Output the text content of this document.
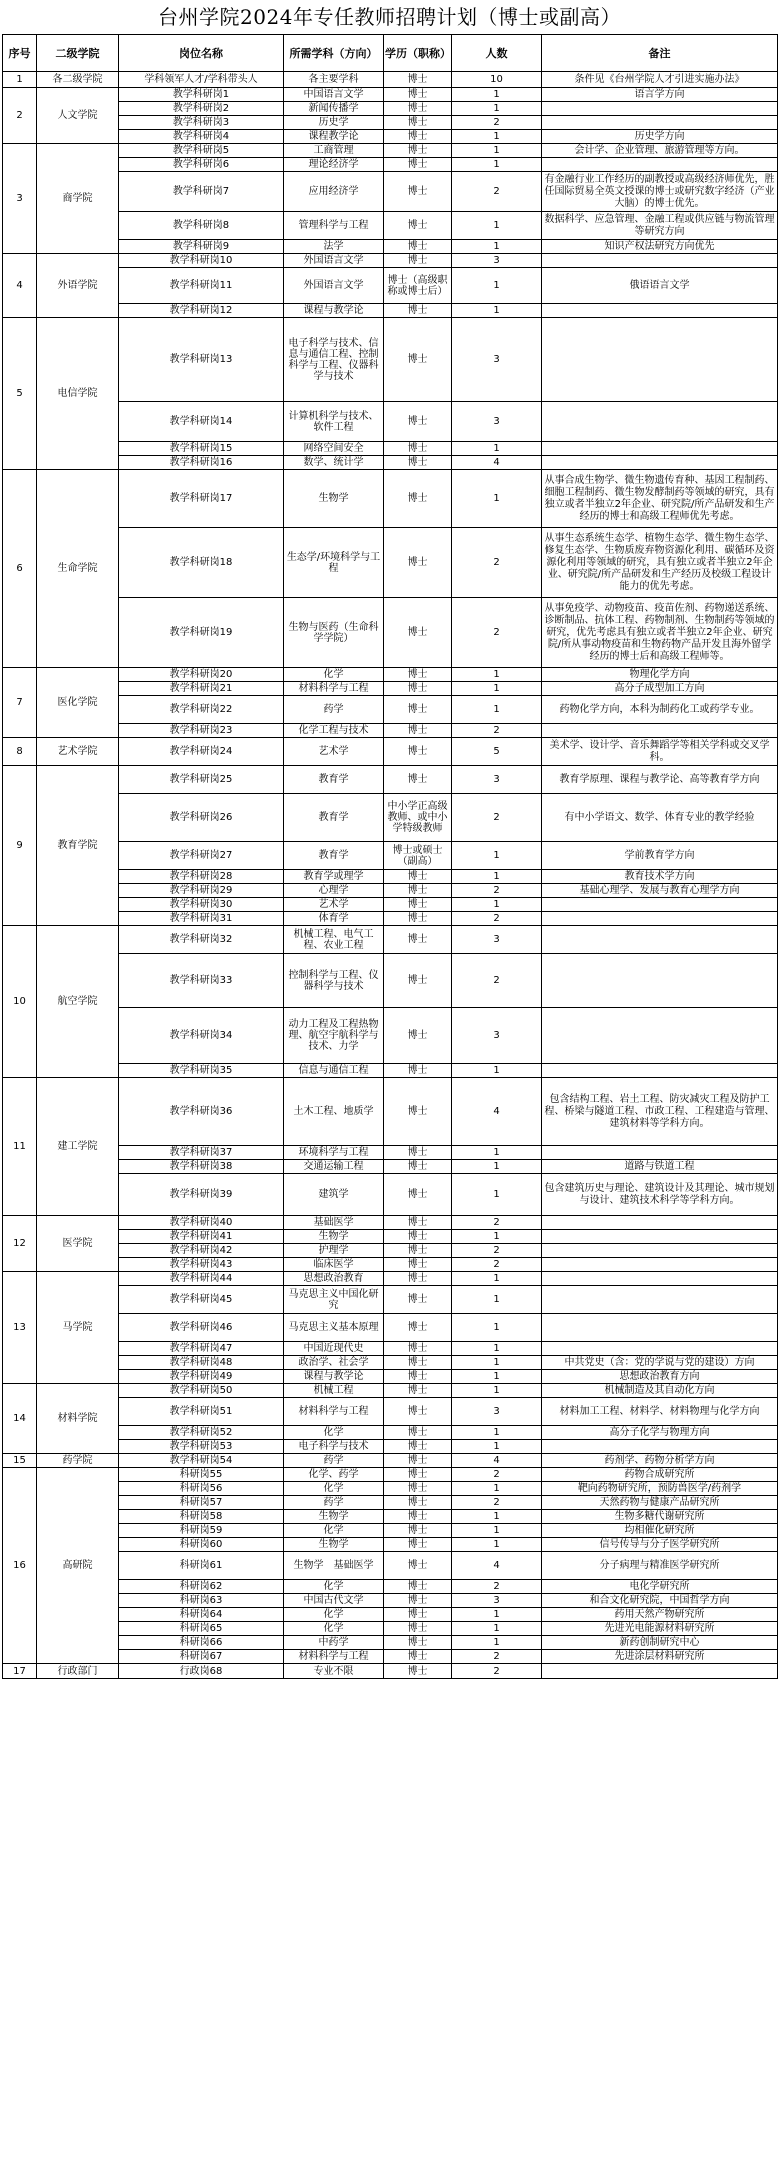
台州学院2024年专任教师招聘计划（博士或副高）
序号	二级学院	岗位名称	所需学科（方向）	学历（职称）	人数	备注
1	各二级学院	学科领军人才/学科带头人	各主要学科	博士	10	条件见《台州学院人才引进实施办法》
2	人文学院	教学科研岗1	中国语言文学	博士	1	语言学方向
		教学科研岗2	新闻传播学	博士	1	
		教学科研岗3	历史学	博士	2	
		教学科研岗4	课程教学论	博士	1	历史学方向
3	商学院	教学科研岗5	工商管理	博士	1	会计学、企业管理、旅游管理等方向。
		教学科研岗6	理论经济学	博士	1	
		教学科研岗7	应用经济学	博士	2	有金融行业工作经历的副教授或高级经济师优先，胜任国际贸易全英文授课的博士或研究数字经济（产业大脑）的博士优先。
		教学科研岗8	管理科学与工程	博士	1	数据科学、应急管理、金融工程或供应链与物流管理等研究方向
		教学科研岗9	法学	博士	1	知识产权法研究方向优先
4	外语学院	教学科研岗10	外国语言文学	博士	3	
		教学科研岗11	外国语言文学	博士（高级职称或博士后）	1	俄语语言文学
		教学科研岗12	课程与教学论	博士	1	
5	电信学院	教学科研岗13	电子科学与技术、信息与通信工程、控制科学与工程、仪器科学与技术	博士	3	
		教学科研岗14	计算机科学与技术、软件工程	博士	3	
		教学科研岗15	网络空间安全	博士	1	
		教学科研岗16	数学、统计学	博士	4	
6	生命学院	教学科研岗17	生物学	博士	1	从事合成生物学、微生物遗传育种、基因工程制药、细胞工程制药、微生物发酵制药等领域的研究，具有独立或者半独立2年企业、研究院/所产品研发和生产经历的博士和高级工程师优先考虑。
		教学科研岗18	生态学/环境科学与工程	博士	2	从事生态系统生态学、植物生态学、微生物生态学、修复生态学、生物质废弃物资源化利用、碳循环及资源化利用等领域的研究，具有独立或者半独立2年企业、研究院/所产品研发和生产经历及校级工程设计能力的优先考虑。
		教学科研岗19	生物与医药（生命科学学院）	博士	2	从事免疫学、动物疫苗、疫苗佐剂、药物递送系统、诊断制品、抗体工程、药物制剂、生物制药等领域的研究，优先考虑具有独立或者半独立2年企业、研究院/所从事动物疫苗和生物药物产品开发且海外留学经历的博士后和高级工程师等。
7	医化学院	教学科研岗20	化学	博士	1	物理化学方向
		教学科研岗21	材料科学与工程	博士	1	高分子成型加工方向
		教学科研岗22	药学	博士	1	药物化学方向，本科为制药化工或药学专业。
		教学科研岗23	化学工程与技术	博士	2	
8	艺术学院	教学科研岗24	艺术学	博士	5	美术学、设计学、音乐舞蹈学等相关学科或交叉学科。
9	教育学院	教学科研岗25	教育学	博士	3	教育学原理、课程与教学论、高等教育学方向
		教学科研岗26	教育学	中小学正高级教师、或中小学特级教师	2	有中小学语文、数学、体育专业的教学经验
		教学科研岗27	教育学	博士或硕士（副高）	1	学前教育学方向
		教学科研岗28	教育学或理学	博士	1	教育技术学方向
		教学科研岗29	心理学	博士	2	基础心理学、发展与教育心理学方向
		教学科研岗30	艺术学	博士	1	
		教学科研岗31	体育学	博士	2	
10	航空学院	教学科研岗32	机械工程、电气工程、农业工程	博士	3	
		教学科研岗33	控制科学与工程、仪器科学与技术	博士	2	
		教学科研岗34	动力工程及工程热物理、航空宇航科学与技术、力学	博士	3	
		教学科研岗35	信息与通信工程	博士	1	
11	建工学院	教学科研岗36	土木工程、地质学	博士	4	包含结构工程、岩土工程、防灾减灾工程及防护工程、桥梁与隧道工程、市政工程、工程建造与管理、建筑材料等学科方向。
		教学科研岗37	环境科学与工程	博士	1	
		教学科研岗38	交通运输工程	博士	1	道路与铁道工程
		教学科研岗39	建筑学	博士	1	包含建筑历史与理论、建筑设计及其理论、城市规划与设计、建筑技术科学等学科方向。
12	医学院	教学科研岗40	基础医学	博士	2	
		教学科研岗41	生物学	博士	1	
		教学科研岗42	护理学	博士	2	
		教学科研岗43	临床医学	博士	2	
13	马学院	教学科研岗44	思想政治教育	博士	1	
		教学科研岗45	马克思主义中国化研究	博士	1	
		教学科研岗46	马克思主义基本原理	博士	1	
		教学科研岗47	中国近现代史	博士	1	
		教学科研岗48	政治学、社会学	博士	1	中共党史（含：党的学说与党的建设）方向
		教学科研岗49	课程与教学论	博士	1	思想政治教育方向
14	材料学院	教学科研岗50	机械工程	博士	1	机械制造及其自动化方向
		教学科研岗51	材料科学与工程	博士	3	材料加工工程、材料学、材料物理与化学方向
		教学科研岗52	化学	博士	1	高分子化学与物理方向
		教学科研岗53	电子科学与技术	博士	1	
15	药学院	教学科研岗54	药学	博士	4	药剂学、药物分析学方向
16	高研院	科研岗55	化学、药学	博士	2	药物合成研究所
		科研岗56	化学	博士	1	靶向药物研究所，预防兽医学/药剂学
		科研岗57	药学	博士	2	天然药物与健康产品研究所
		科研岗58	生物学	博士	1	生物多糖代谢研究所
		科研岗59	化学	博士	1	均相催化研究所
		科研岗60	生物学	博士	1	信号传导与分子医学研究所
		科研岗61	生物学　基础医学	博士	4	分子病理与精准医学研究所
		科研岗62	化学	博士	2	电化学研究所
		科研岗63	中国古代文学	博士	3	和合文化研究院，中国哲学方向
		科研岗64	化学	博士	1	药用天然产物研究所
		科研岗65	化学	博士	1	先进光电能源材料研究所
		科研岗66	中药学	博士	1	新药创制研究中心
		科研岗67	材料科学与工程	博士	2	先进涂层材料研究所
17	行政部门	行政岗68	专业不限	博士	2	
